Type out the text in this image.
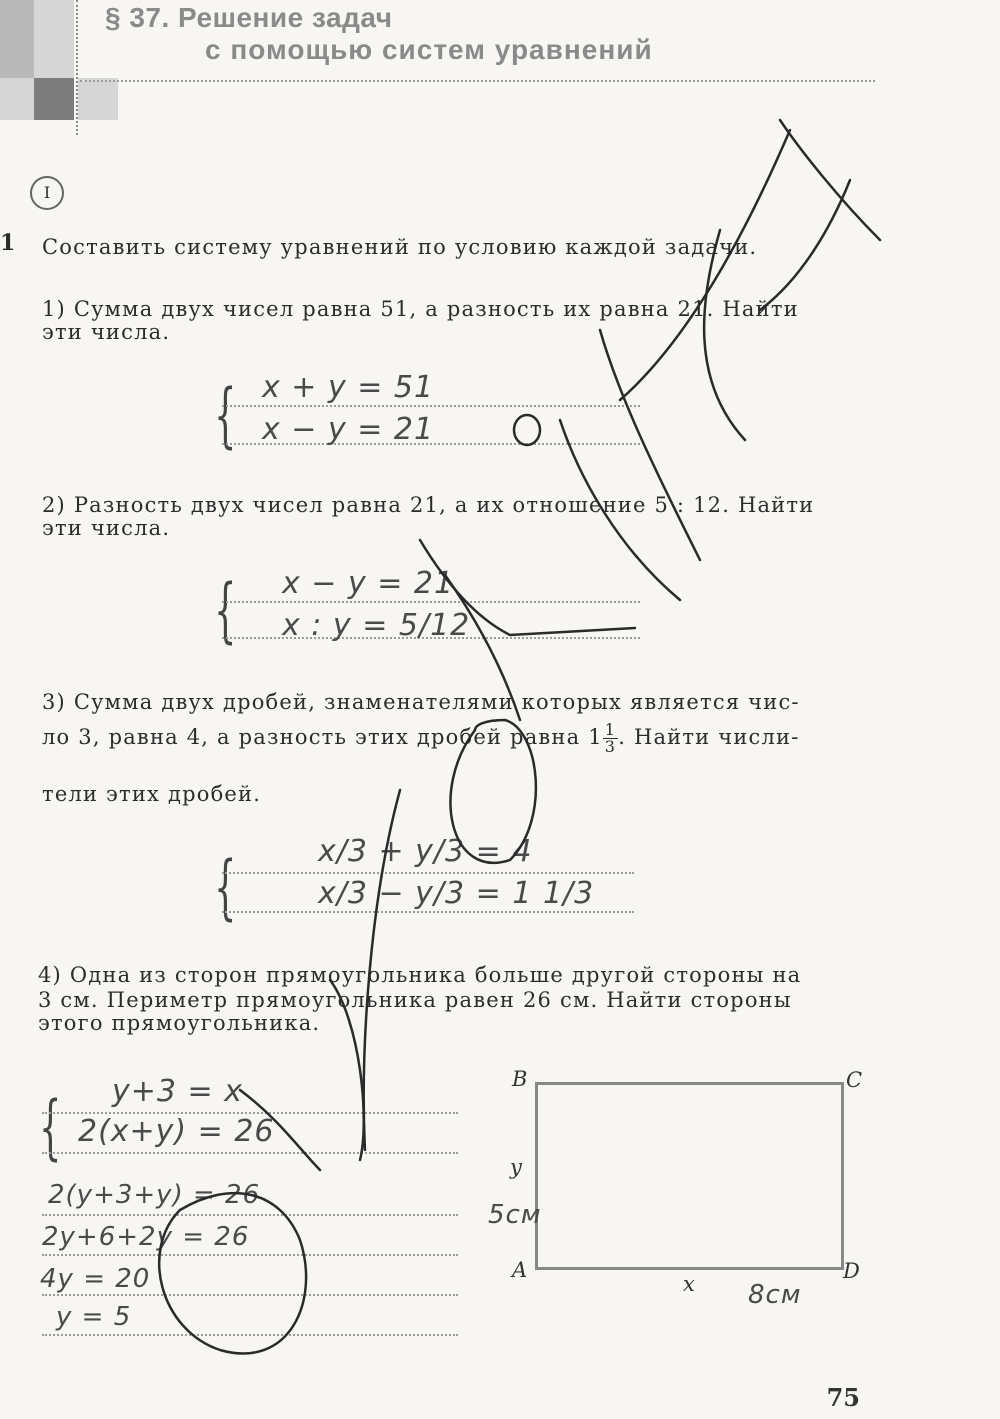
§ 37. Решение задач
с помощью систем уравнений
I
1 Составить систему уравнений по условию каждой задачи.
1) Сумма двух чисел равна 51, а разность их равна 21. Найти
эти числа.
{ x + y = 51
x − y = 21
2) Разность двух чисел равна 21, а их отношение 5 : 12. Найти
эти числа.
{ x − y = 21
x : y = 5/12
3) Сумма двух дробей, знаменателями которых является чис-
ло 3, равна 4, а разность этих дробей равна $1 \frac{1}{3}$ . Найти числи-
тели этих дробей.
{	x/3 + y/3 = 4
x/3 − y/3 = 1 1/3
4) Одна из сторон прямоугольника больше другой стороны на
3 см. Периметр прямоугольника равен 26 см. Найти стороны
этого прямоугольника.
{ y+3 = x
2(x+y) = 26
2(y+3+y) = 26
2y+6+2y = 26
4y = 20
y = 5
B	C
A	D
y
x
5см
8см
75
